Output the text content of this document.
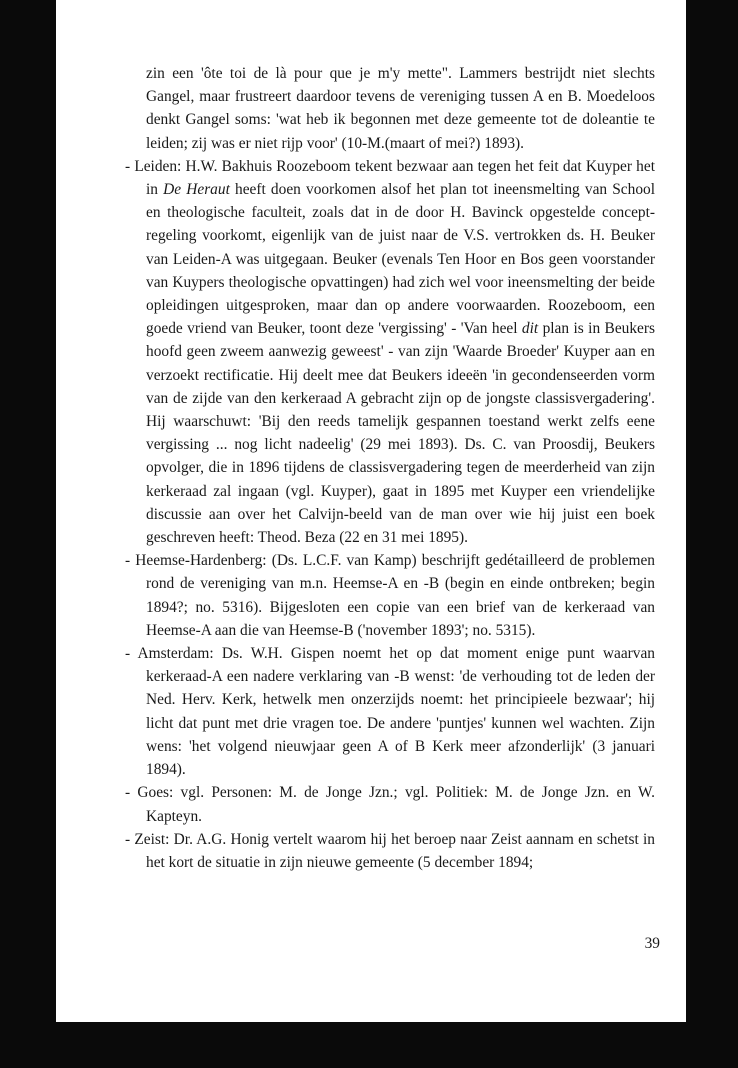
zin een 'ôte toi de là pour que je m'y mette". Lammers bestrijdt niet slechts Gangel, maar frustreert daardoor tevens de vereniging tussen A en B. Moedeloos denkt Gangel soms: 'wat heb ik begonnen met deze gemeente tot de doleantie te leiden; zij was er niet rijp voor' (10-M.(maart of mei?) 1893).

- Leiden: H.W. Bakhuis Roozeboom tekent bezwaar aan tegen het feit dat Kuyper het in De Heraut heeft doen voorkomen alsof het plan tot ineensmelting van School en theologische faculteit, zoals dat in de door H. Bavinck opgestelde concept-regeling voorkomt, eigenlijk van de juist naar de V.S. vertrokken ds. H. Beuker van Leiden-A was uitgegaan. Beuker (evenals Ten Hoor en Bos geen voorstander van Kuypers theologische opvattingen) had zich wel voor ineensmelting der beide opleidingen uitgesproken, maar dan op andere voorwaarden. Roozeboom, een goede vriend van Beuker, toont deze 'vergissing' - 'Van heel dit plan is in Beukers hoofd geen zweem aanwezig geweest' - van zijn 'Waarde Broeder' Kuyper aan en verzoekt rectificatie. Hij deelt mee dat Beukers ideeën 'in gecondenseerden vorm van de zijde van den kerkeraad A gebracht zijn op de jongste classisvergadering'. Hij waarschuwt: 'Bij den reeds tamelijk gespannen toestand werkt zelfs eene vergissing ... nog licht nadeelig' (29 mei 1893). Ds. C. van Proosdij, Beukers opvolger, die in 1896 tijdens de classisvergadering tegen de meerderheid van zijn kerkeraad zal ingaan (vgl. Kuyper), gaat in 1895 met Kuyper een vriendelijke discussie aan over het Calvijn-beeld van de man over wie hij juist een boek geschreven heeft: Theod. Beza (22 en 31 mei 1895).

- Heemse-Hardenberg: (Ds. L.C.F. van Kamp) beschrijft gedétailleerd de problemen rond de vereniging van m.n. Heemse-A en -B (begin en einde ontbreken; begin 1894?; no. 5316). Bijgesloten een copie van een brief van de kerkeraad van Heemse-A aan die van Heemse-B ('november 1893'; no. 5315).

- Amsterdam: Ds. W.H. Gispen noemt het op dat moment enige punt waarvan kerkeraad-A een nadere verklaring van -B wenst: 'de verhouding tot de leden der Ned. Herv. Kerk, hetwelk men onzerzijds noemt: het principieele bezwaar'; hij licht dat punt met drie vragen toe. De andere 'puntjes' kunnen wel wachten. Zijn wens: 'het volgend nieuwjaar geen A of B Kerk meer afzonderlijk' (3 januari 1894).

- Goes: vgl. Personen: M. de Jonge Jzn.; vgl. Politiek: M. de Jonge Jzn. en W. Kapteyn.

- Zeist: Dr. A.G. Honig vertelt waarom hij het beroep naar Zeist aannam en schetst in het kort de situatie in zijn nieuwe gemeente (5 december 1894;

39
